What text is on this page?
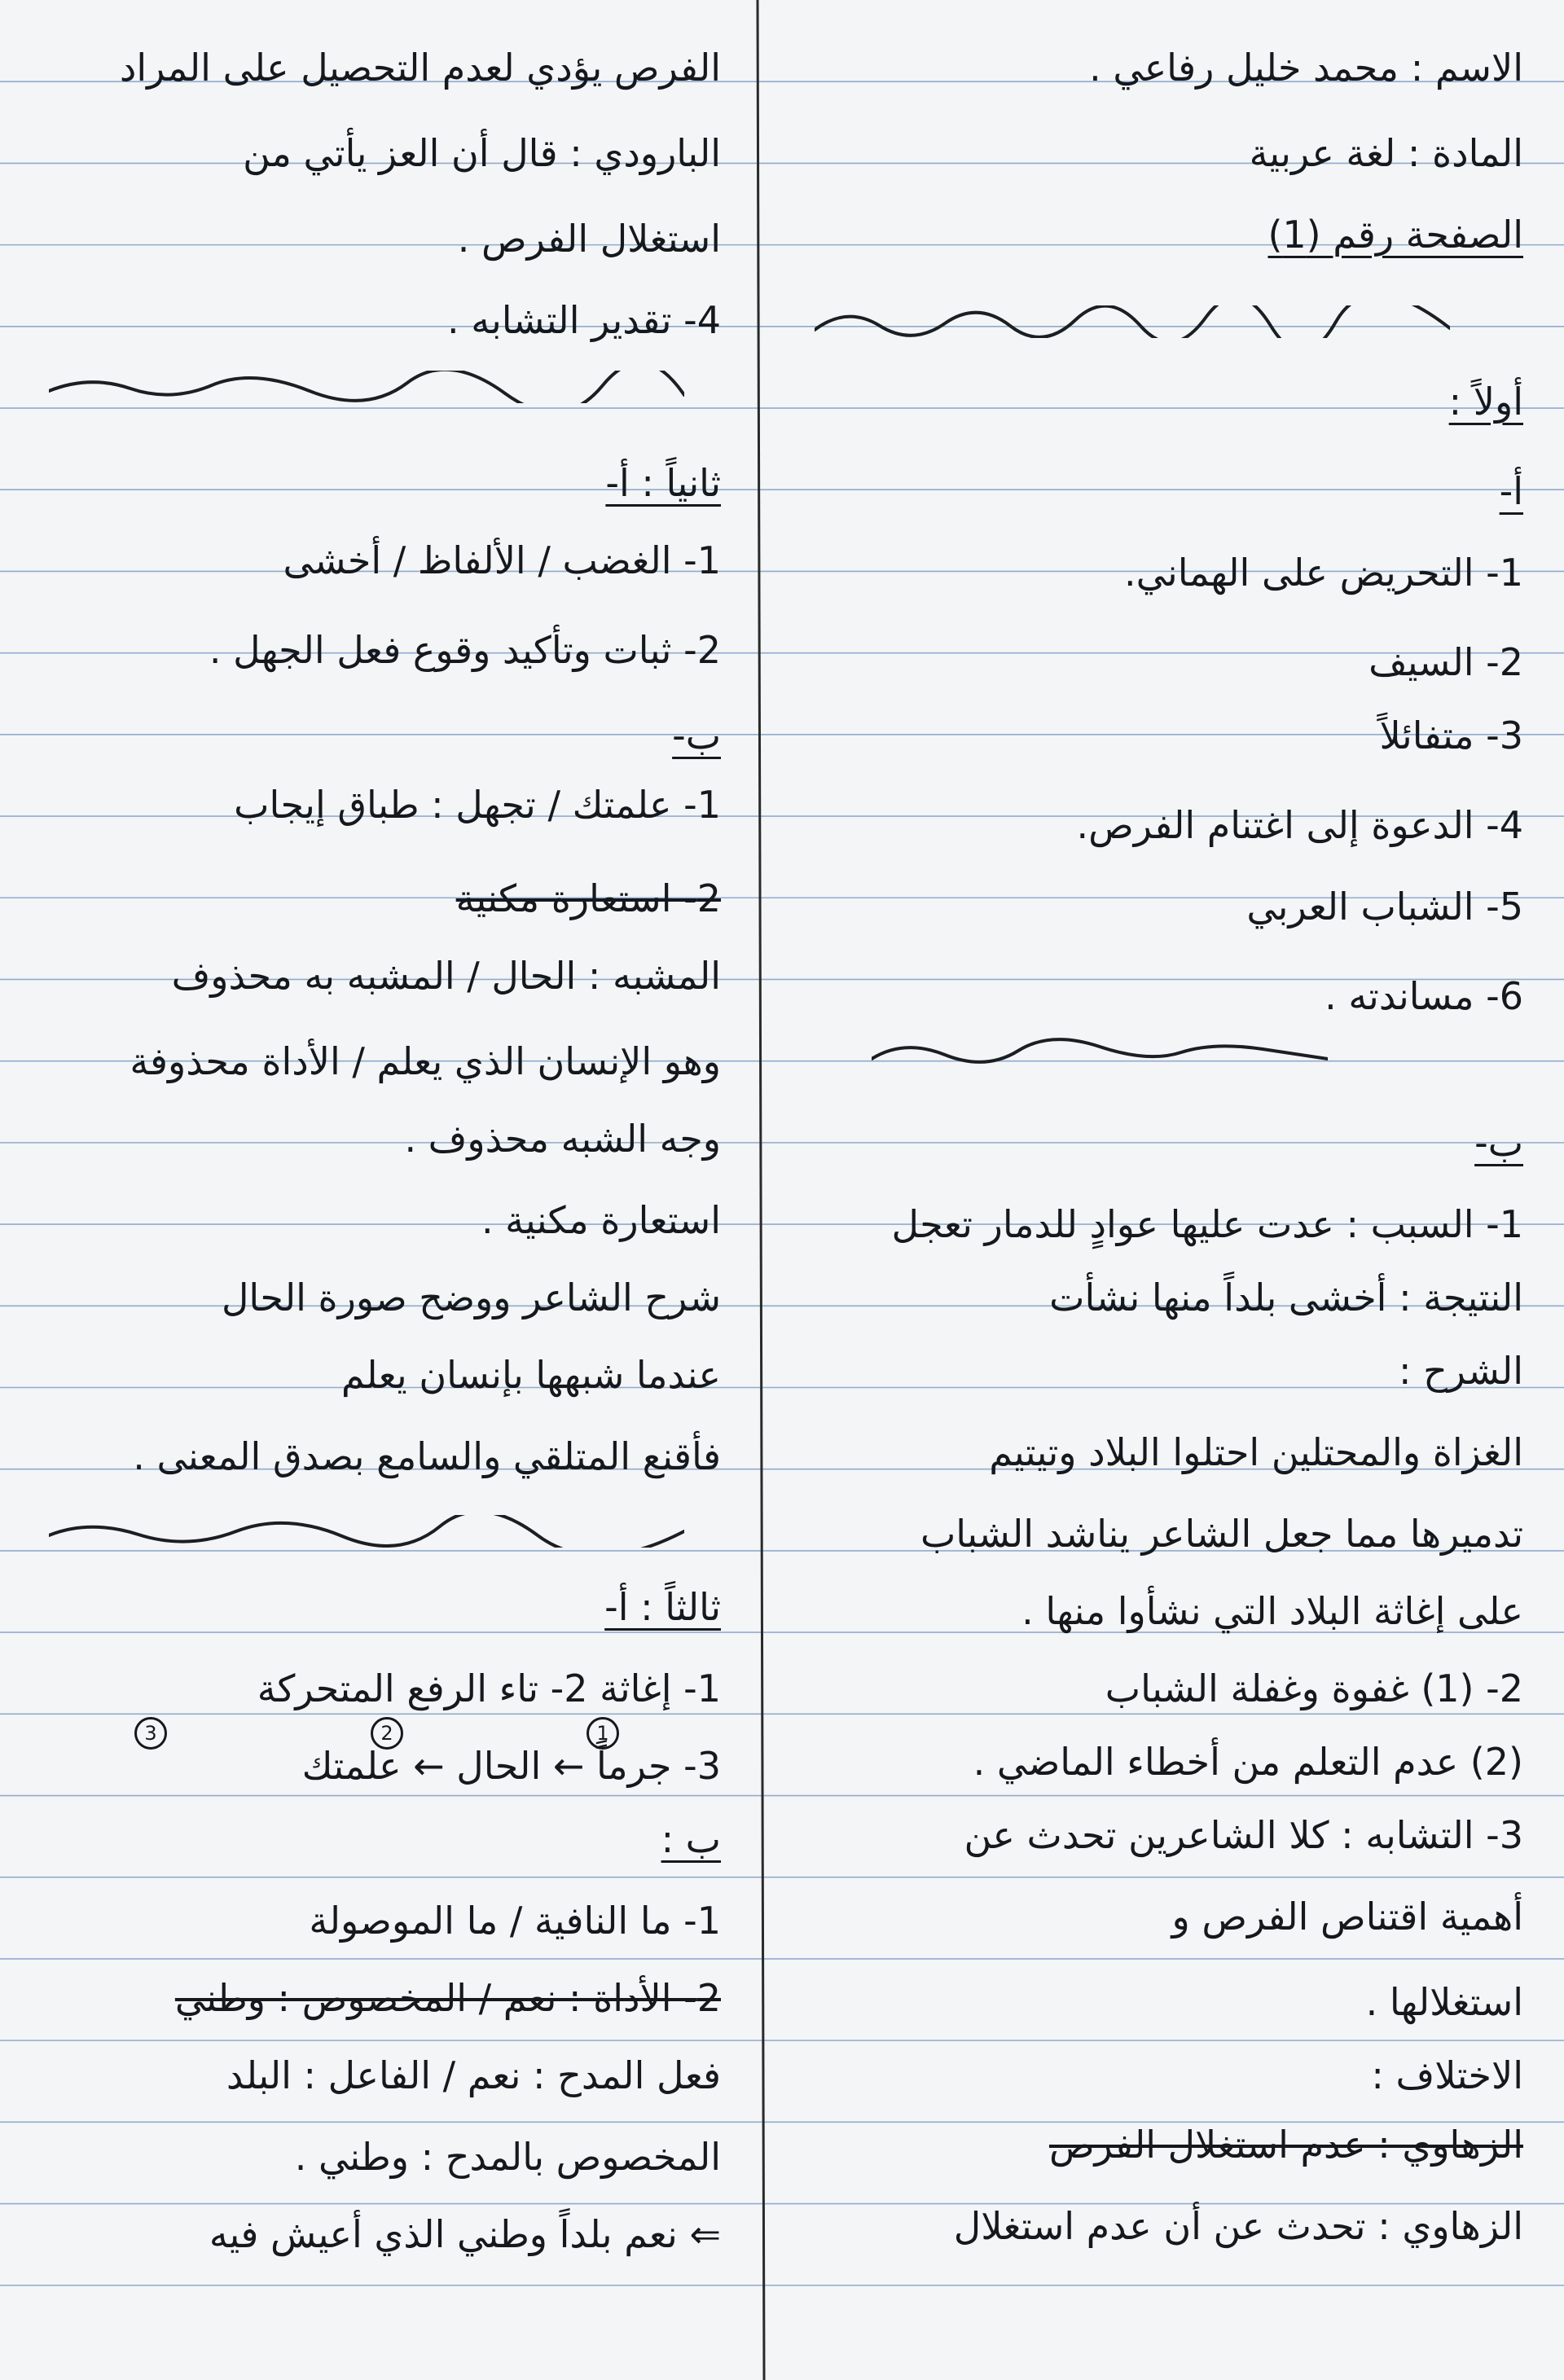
الاسم : محمد خليل رفاعي .
المادة : لغة عربية
الصفحة رقم (1)
أولاً :
أ-
1- التحريض على الهماني.
2- السيف
3- متفائلاً
4- الدعوة إلى اغتنام الفرص.
5- الشباب العربي
6- مساندته .
ب-
1- السبب : عدت عليها عوادٍ للدمار تعجل
النتيجة : أخشى بلداً منها نشأت
الشرح :
الغزاة والمحتلين احتلوا البلاد وتيتيم
تدميرها مما جعل الشاعر يناشد الشباب
على إغاثة البلاد التي نشأوا منها .
2- (1) غفوة وغفلة الشباب
(2) عدم التعلم من أخطاء الماضي .
3- التشابه : كلا الشاعرين تحدث عن
أهمية اقتناص الفرص و
استغلالها .
الاختلاف :
الزهاوي : عدم استغلال الفرص
الزهاوي : تحدث عن أن عدم استغلال
الفرص يؤدي لعدم التحصيل على المراد
البارودي : قال أن العز يأتي من
استغلال الفرص .
4- تقدير التشابه .
ثانياً : أ-
1- الغضب / الألفاظ / أخشى
2- ثبات وتأكيد وقوع فعل الجهل .
ب-
1- علمتك / تجهل : طباق إيجاب
2- استعارة مكنية
المشبه : الحال / المشبه به محذوف
وهو الإنسان الذي يعلم / الأداة محذوفة
وجه الشبه محذوف .
استعارة مكنية .
شرح الشاعر ووضح صورة الحال
عندما شبهها بإنسان يعلم
فأقنع المتلقي والسامع بصدق المعنى .
ثالثاً : أ-
1- إغاثة 2- تاء الرفع المتحركة
3- جرماً ← الحال ← علمتك
ب :
1- ما النافية / ما الموصولة
2- الأداة : نعم / المخصوص : وطني
فعل المدح : نعم / الفاعل : البلد
المخصوص بالمدح : وطني .
⇐ نعم بلداً وطني الذي أعيش فيه
1
2
3
